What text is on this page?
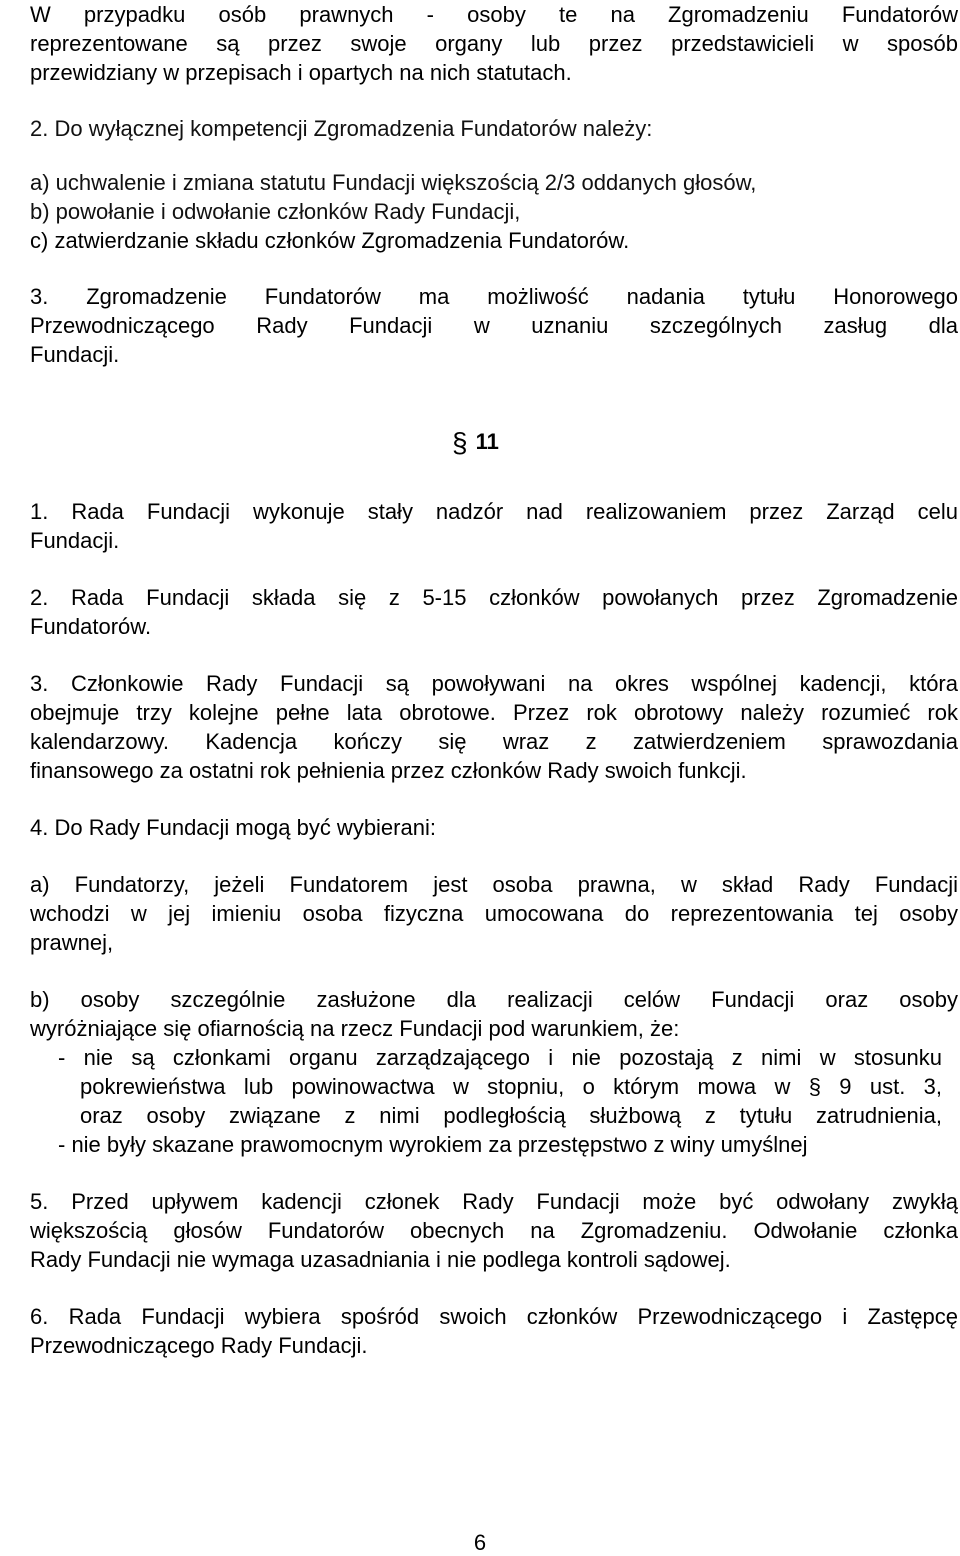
W przypadku osób prawnych - osoby te na Zgromadzeniu Fundatorów
reprezentowane są przez swoje organy lub przez przedstawicieli w sposób
przewidziany w przepisach i opartych na nich statutach.
2. Do wyłącznej kompetencji Zgromadzenia Fundatorów należy:
a) uchwalenie i zmiana statutu Fundacji większością 2/3 oddanych głosów,
b) powołanie i odwołanie członków Rady Fundacji,
c) zatwierdzanie składu członków Zgromadzenia Fundatorów.
3. Zgromadzenie Fundatorów ma możliwość nadania tytułu Honorowego
Przewodniczącego Rady Fundacji w uznaniu szczególnych zasług dla
Fundacji.
§ 11
1. Rada Fundacji wykonuje stały nadzór nad realizowaniem przez Zarząd celu
Fundacji.
2. Rada Fundacji składa się z 5-15 członków powołanych przez Zgromadzenie
Fundatorów.
3. Członkowie Rady Fundacji są powoływani na okres wspólnej kadencji, która
obejmuje trzy kolejne pełne lata obrotowe. Przez rok obrotowy należy rozumieć rok
kalendarzowy. Kadencja kończy się wraz z zatwierdzeniem sprawozdania
finansowego za ostatni rok pełnienia przez członków Rady swoich funkcji.
4. Do Rady Fundacji mogą być wybierani:
a) Fundatorzy, jeżeli Fundatorem jest osoba prawna, w skład Rady Fundacji
wchodzi w jej imieniu osoba fizyczna umocowana do reprezentowania tej osoby
prawnej,
b) osoby szczególnie zasłużone dla realizacji celów Fundacji oraz osoby
wyróżniające się ofiarnością na rzecz Fundacji pod warunkiem, że:
- nie są członkami organu zarządzającego i nie pozostają z nimi w stosunku
pokrewieństwa lub powinowactwa w stopniu, o którym mowa w § 9 ust. 3,
oraz osoby związane z nimi podległością służbową z tytułu zatrudnienia,
- nie były skazane prawomocnym wyrokiem za przestępstwo z winy umyślnej
5. Przed upływem kadencji członek Rady Fundacji może być odwołany zwykłą
większością głosów Fundatorów obecnych na Zgromadzeniu. Odwołanie członka
Rady Fundacji nie wymaga uzasadniania i nie podlega kontroli sądowej.
6. Rada Fundacji wybiera spośród swoich członków Przewodniczącego i Zastępcę
Przewodniczącego Rady Fundacji.
6
